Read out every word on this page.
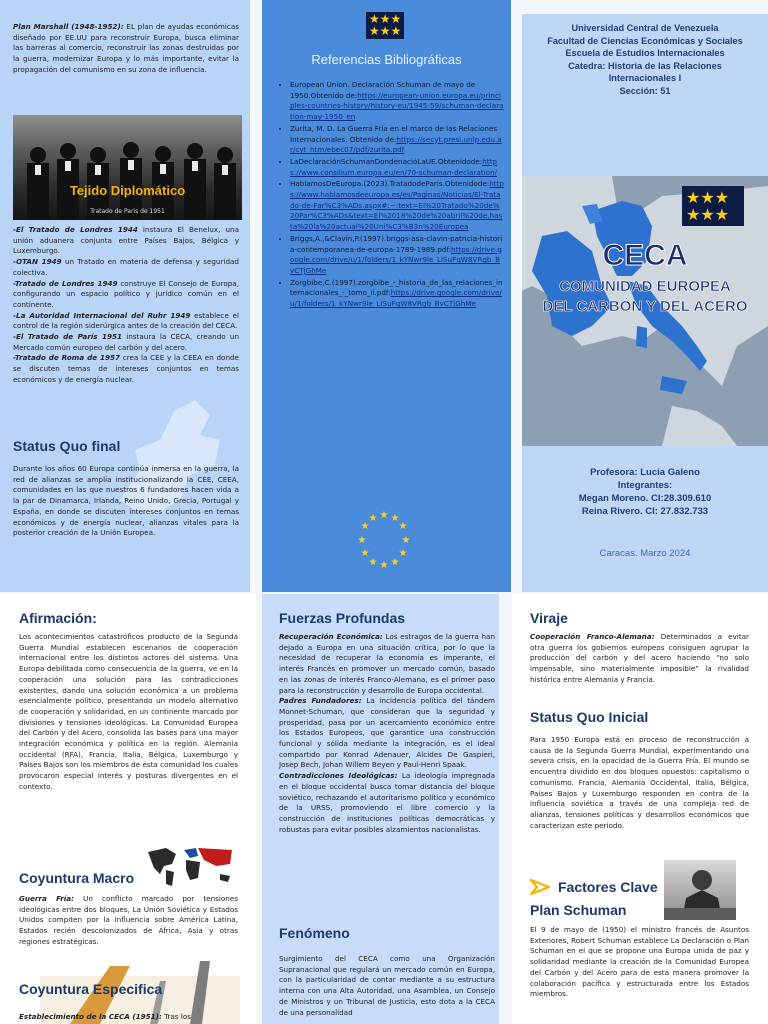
Plan Marshall (1948-1952): EL plan de ayudas económicas diseñado por EE.UU para reconstruir Europa, busca eliminar las barreras al comercio, reconstruir las zonas destruidas por la guerra, modernizar Europa y lo más importante, evitar la propagación del comunismo en su zona de influencia.

Tejido Diplomático
Tratado de Paris de 1951

-El Tratado de Londres 1944 instaura El Benelux, una unión aduanera conjunta entre Países Bajos, Bélgica y Luxemburgo.

-OTAN 1949 un Tratado en materia de defensa y seguridad colectiva.

-Tratado de Londres 1949 construye El Consejo de Europa, configurando un espacio político y jurídico común en el continente.

-La Autoridad Internacional del Ruhr 1949 establece el control de la región siderúrgica antes de la creación del CECA.

-El Tratado de París 1951 instaura la CECA, creando un Mercado común europeo del carbón y del acero.

-Tratado de Roma de 1957 crea la CEE y la CEEA en donde se discuten temas de intereses conjuntos en temas económicos y de energía nuclear.

Status Quo final

Durante los años 60 Europa continúa inmersa en la guerra, la red de alianzas se amplía institucionalizando la CEE, CEEA, comunidades en las que nuestros 6 fundadores hacen vida a la par de Dinamarca, Irlanda, Reino Unido, Grecia, Portugal y España, en donde se discuten intereses conjuntos en temas económicos y de energía nuclear, alianzas vitales para la posterior creación de la Unión Europea.

★★★
★★★
Referencias Bibliográficas
• European Union. Declaración Schuman de mayo de 1950.Obtenido de:https://european-union.europa.eu/principles-countries-history/history-eu/1945-59/schuman-declaration-may-1950_en
• Zurita, M. D. La Guerra Fría en el marco de las Relaciones Internacionales. Obtenido de:https://secyt.presi.unlp.edu.ar/cyt_htm/ebec07/pdf/zurita.pdf
• LaDeclaraciónSchumanDondenacióLaUE.Obtenidode:https://www.consilium.europa.eu/en/70-schuman-declaration/
• HablamosDeEuropa.(2023).TratadodeParis.Obtenidode:https://www.hablamosdeeuropa.es/es/Paginas/Noticias/El-Tratado-de-Par%C3%ADs.aspx#:~:text=El%20Tratado%20de%20Par%C3%ADs&text=El%2018%20de%20abril%20de,hasta%20la%20actual%20Uni%C3%B3n%20Europea
• Briggs,A.,&Clavin,P.(1997).briggs-asa-clavin-patricia-historia-contemporanea-de-europa-1789-1989.pdf:https://drive.google.com/drive/u/1/folders/1_kYNwr9le_LlSuFqW8VRgb_BvCTjGhMe
• Zorgbibe,C.(1997).zorgbibe_-_historia_de_las_relaciones_internacionales_-_tomo_ii.pdf:https://drive.google.com/drive/u/1/folders/1_kYNwr9le_LlSuFqW8VRgb_BvCTjGhMe
★ ★
★
★
★
★
★
★
★
★
★
★
Universidad Central de Venezuela
Facultad de Ciencias Económicas y Sociales
Escuela de Estudios Internacionales
Catedra: Historia de las Relaciones
Internacionales I
Sección: 51
★★★
★★★
CECA
COMUNIDAD EUROPEA
DEL CARBÓN Y DEL ACERO
Profesora: Lucia Galeno
Integrantes:
Megan Moreno. CI:28.309.610
Reina Rivero. CI: 27.832.733
Caracas. Marzo 2024
Afirmación:

Los acontecimientos catastróficos producto de la Segunda Guerra Mundial establecen escenarios de cooperación internacional entre los distintos actores del sistema. Una Europa debilitada como consecuencia de la guerra, ve en la cooperación una solución para las contradicciones existentes, dando una solución económica a un problema esencialmente político, presentando un modelo alternativo de cooperación y solidaridad, en un continente marcado por divisiones y tensiones ideológicas. La Comunidad Europea del Carbón y del Acero, consolida las bases para una mayor integración económica y política en la región. Alemania occidental (RFA), Francia, Italia, Bélgica, Luxemburgo y Países Bajos son los miembros de esta comunidad los cuales provocaron especial interés y posturas divergentes en el contexto.

Coyuntura Macro

Guerra Fría: Un conflicto marcado por tensiones ideológicas entre dos bloques, La Unión Soviética y Estados Unidos compiten por la influencia sobre América Latina, Estados recién descolonizados de África, Asia y otras regiones estratégicas.

Coyuntura Especifica

Establecimiento de la CECA (1951): Tras los

Fuerzas Profundas

Recuperación Económica: Los estragos de la guerra han dejado a Europa en una situación crítica, por lo que la necesidad de recuperar la economía es imperante, el interés Francés en promover un mercado común, basado en las zonas de interés Franco-Alemana, es el primer paso para la reconstrucción y desarrollo de Europa occidental.

Padres Fundadores: La incidencia política del tándem Monnet-Schuman, que consideran que la seguridad y prosperidad, pasa por un acercamiento económico entre los Estados Europeos, que garantice una construcción funcional y sólida mediante la integración, es el ideal compartido por Konrad Adenauer, Alcides De Gaspieri, Josep Bech, Johan Willem Beyen y Paul-Henri Spaak.

Contradicciones Ideológicas: La ideología impregnada en el bloque occidental busca tomar distancia del bloque soviético, rechazando el autoritarismo político y económico de la URSS, promoviendo el libre comercio y la construcción de instituciones políticas democráticas y robustas para evitar posibles alzamientos nacionalistas.

Fenómeno

Surgimiento del CECA como una Organización Supranacional que regulará un mercado común en Europa, con la particularidad de contar mediante a su estructura interna con una Alta Autoridad, una Asamblea, un Consejo de Ministros y un Tribunal de Justicia, esto dota a la CECA de una personalidad

Viraje

Cooperación Franco-Alemana: Determinados a evitar otra guerra los gobiernos europeos consiguen agrupar la producción del carbón y del acero haciendo “no solo impensable, sino materialmente imposible” la rivalidad histórica entre Alemania y Francia.

Status Quo Inicial

Para 1950 Europa está en proceso de reconstrucción a causa de la Segunda Guerra Mundial, experimentando una severa crisis, en la opacidad de la Guerra Fría. El mundo se encuentra dividido en dos bloques opuestos: capitalismo o comunismo. Francia, Alemania Occidental, Italia, Bélgica, Países Bajos y Luxemburgo responden en contra de la influencia soviética a través de una compleja red de alianzas, tensiones políticas y desarrollos económicos que caracterizan este periodo.

Factores Clave
Plan Schuman

El 9 de mayo de (1950) el ministro francés de Asuntos Exteriores, Robert Schuman establece La Declaración o Plan Schuman en el que se propone una Europa unida de paz y solidaridad mediante la creación de la Comunidad Europea del Carbón y del Acero para de esta manera promover la colaboración pacífica y estructurada entre los Estados miembros.
